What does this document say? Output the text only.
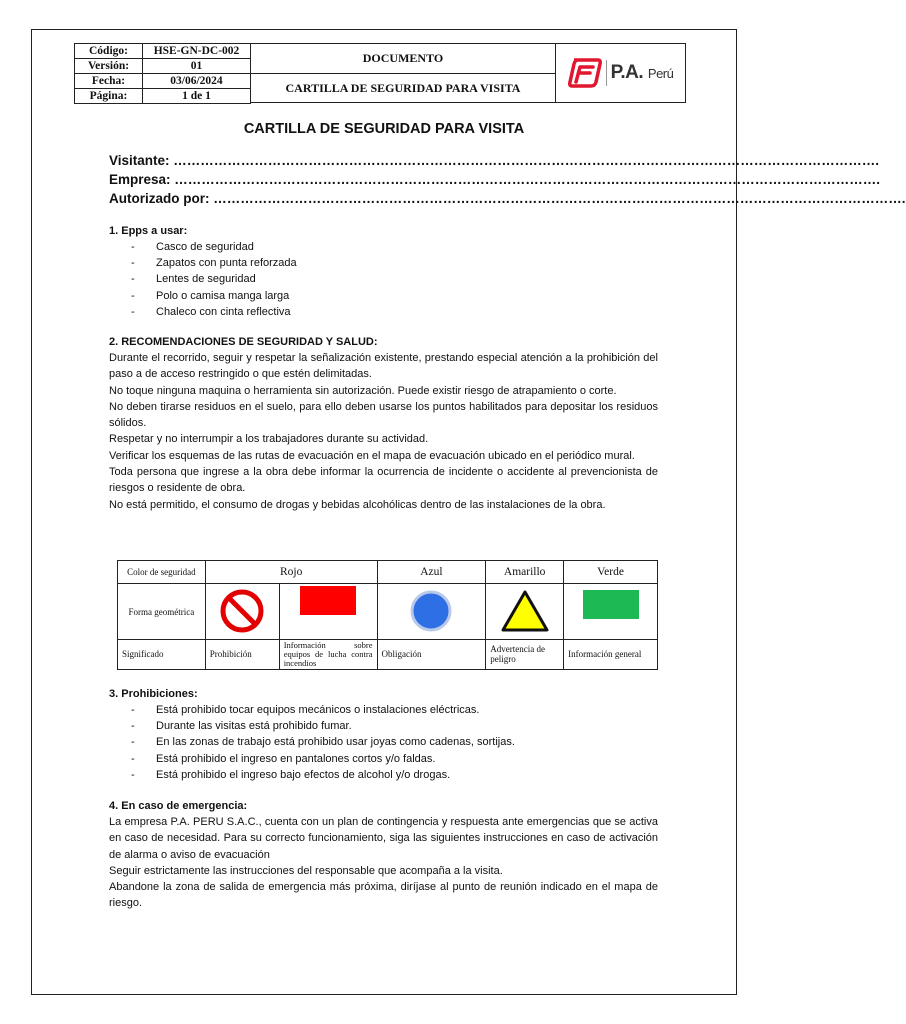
Código:	HSE-GN-DC-002
Versión:	01
Fecha:	03/06/2024
Página:	1 de 1
DOCUMENTO
CARTILLA DE SEGURIDAD PARA VISITA
P.A. Perú
CARTILLA DE SEGURIDAD PARA VISITA
Visitante: ………………………………………………………………………………………………………………………………………….
Empresa: ………………………………………………………………………………………………………………………………………….
Autorizado por: ……………………………………………………………………………………………………………………………………….
1. Epps a usar:
- Casco de seguridad
- Zapatos con punta reforzada
- Lentes de seguridad
- Polo o camisa manga larga
- Chaleco con cinta reflectiva
2. RECOMENDACIONES DE SEGURIDAD Y SALUD:

Durante el recorrido, seguir y respetar la señalización existente, prestando especial atención a la prohibición del paso a de acceso restringido o que estén delimitadas.

No toque ninguna maquina o herramienta sin autorización. Puede existir riesgo de atrapamiento o corte.

No deben tirarse residuos en el suelo, para ello deben usarse los puntos habilitados para depositar los residuos sólidos.

Respetar y no interrumpir a los trabajadores durante su actividad.

Verificar los esquemas de las rutas de evacuación en el mapa de evacuación ubicado en el periódico mural.

Toda persona que ingrese a la obra debe informar la ocurrencia de incidente o accidente al prevencionista de riesgos o residente de obra.

No está permitido, el consumo de drogas y bebidas alcohólicas dentro de las instalaciones de la obra.

Color de seguridad	Rojo		Azul	Amarillo	Verde
Forma geométrica		

Significado	Prohibición	Información sobre equipos de lucha contra incendios	Obligación	Advertencia de peligro	Información general
3. Prohibiciones:
- Está prohibido tocar equipos mecánicos o instalaciones eléctricas.
- Durante las visitas está prohibido fumar.
- En las zonas de trabajo está prohibido usar joyas como cadenas, sortijas.
- Está prohibido el ingreso en pantalones cortos y/o faldas.
- Está prohibido el ingreso bajo efectos de alcohol y/o drogas.
4. En caso de emergencia:

La empresa P.A. PERU S.A.C., cuenta con un plan de contingencia y respuesta ante emergencias que se activa en caso de necesidad. Para su correcto funcionamiento, siga las siguientes instrucciones en caso de activación de alarma o aviso de evacuación

Seguir estrictamente las instrucciones del responsable que acompaña a la visita.

Abandone la zona de salida de emergencia más próxima, diríjase al punto de reunión indicado en el mapa de riesgo.
